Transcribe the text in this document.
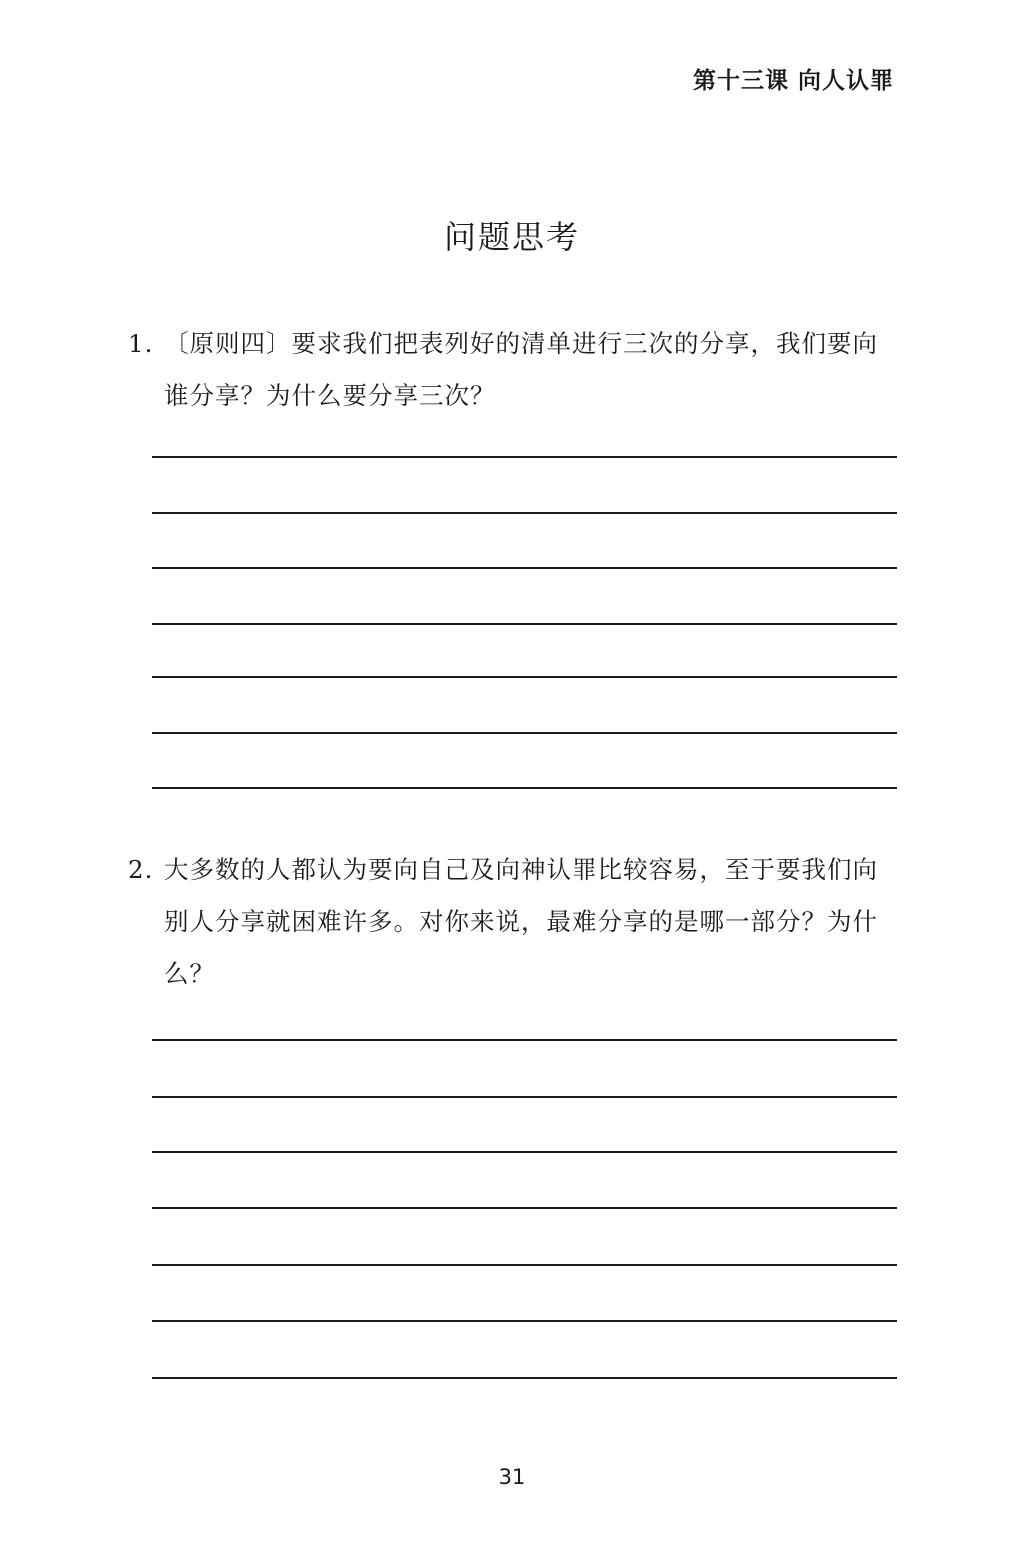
第十三课 向人认罪
问题思考
1. 〔原则四〕要求我们把表列好的清单进行三次的分享，我们要向
谁分享？为什么要分享三次？
2. 大多数的人都认为要向自己及向神认罪比较容易，至于要我们向
别人分享就困难许多。对你来说，最难分享的是哪一部分？为什
么？
31
